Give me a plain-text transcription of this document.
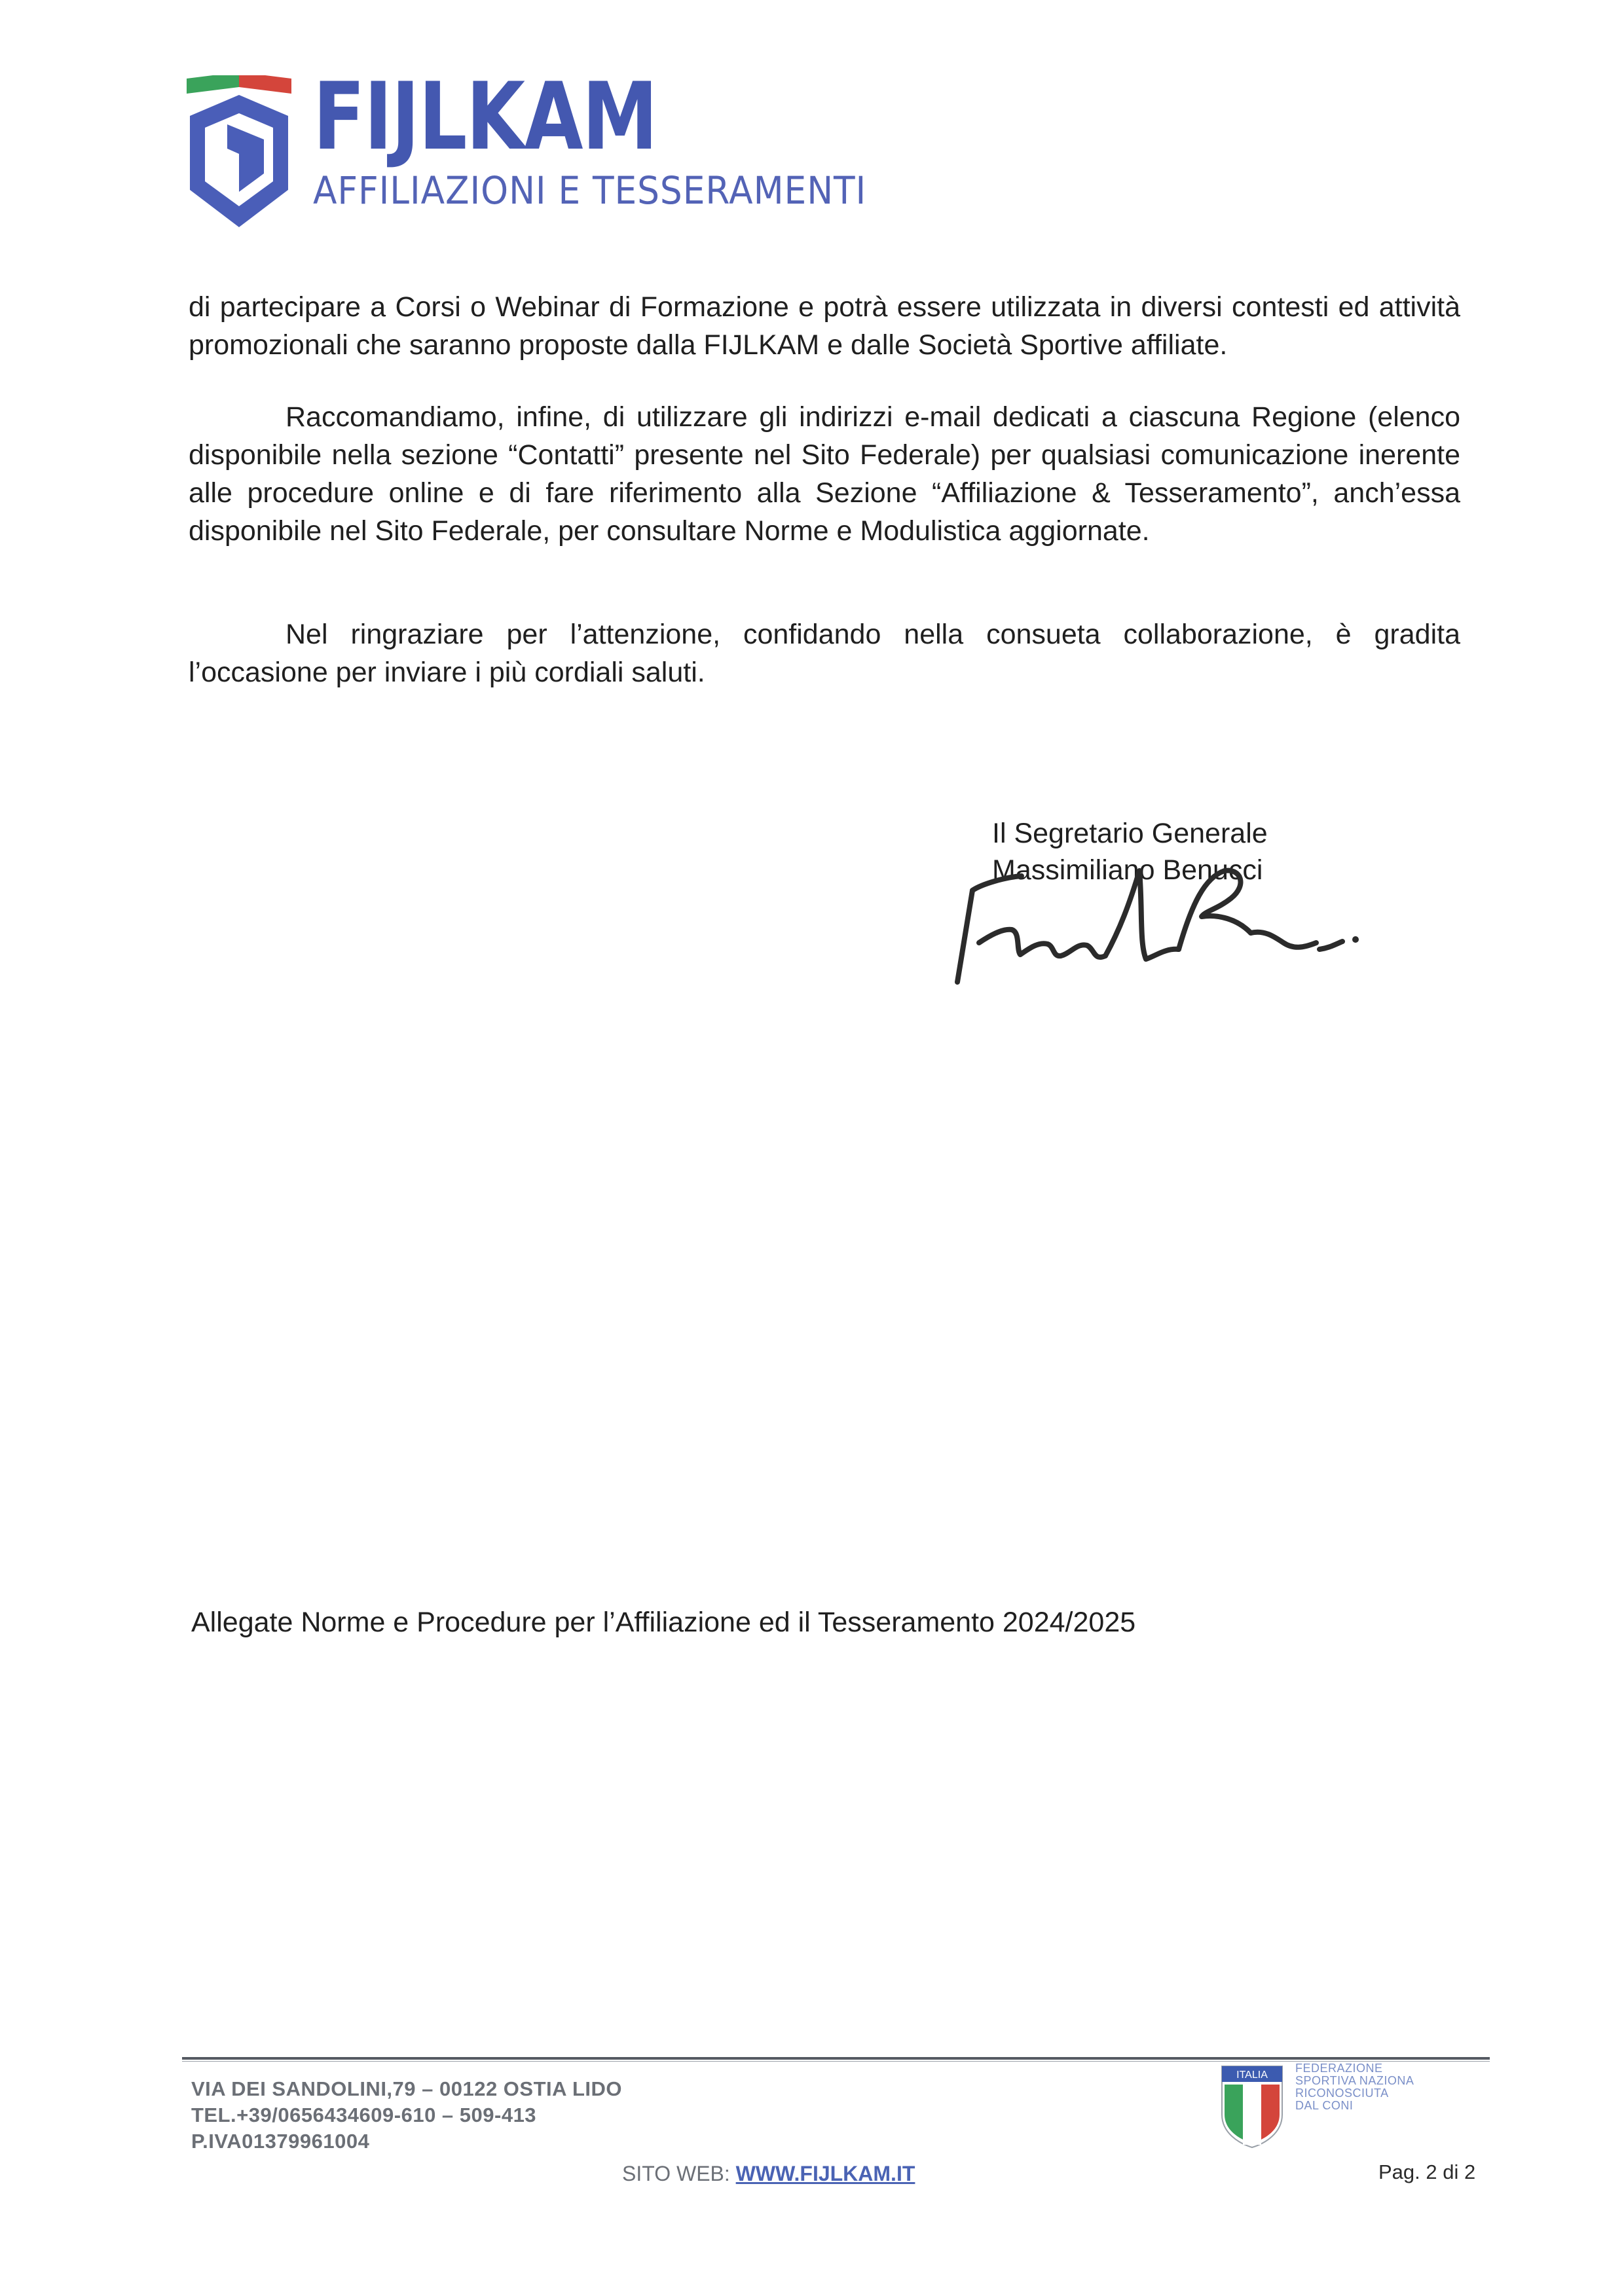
FIJLKAM
AFFILIAZIONI E TESSERAMENTI

di partecipare a Corsi o Webinar di Formazione e potrà essere utilizzata in diversi contesti ed attività promozionali che saranno proposte dalla FIJLKAM e dalle Società Sportive affiliate.

Raccomandiamo, infine, di utilizzare gli indirizzi e-mail dedicati a ciascuna Regione (elenco disponibile nella sezione “Contatti” presente nel Sito Federale) per qualsiasi comunicazione inerente alle procedure online e di fare riferimento alla Sezione “Affiliazione & Tesseramento”, anch’essa disponibile nel Sito Federale, per consultare Norme e Modulistica aggiornate.

Nel ringraziare per l’attenzione, confidando nella consueta collaborazione, è gradita l’occasione per inviare i più cordiali saluti.

Il Segretario Generale
Massimiliano Benucci
Allegate Norme e Procedure per l’Affiliazione ed il Tesseramento 2024/2025
VIA DEI SANDOLINI,79 – 00122 OSTIA LIDO
TEL.+39/0656434609-610 – 509-413
P.IVA01379961004
SITO WEB: WWW.FIJLKAM.IT	Pag. 2 di 2
ITALIA
FEDERAZIONE
SPORTIVA NAZIONA
RICONOSCIUTA
DAL CONI
